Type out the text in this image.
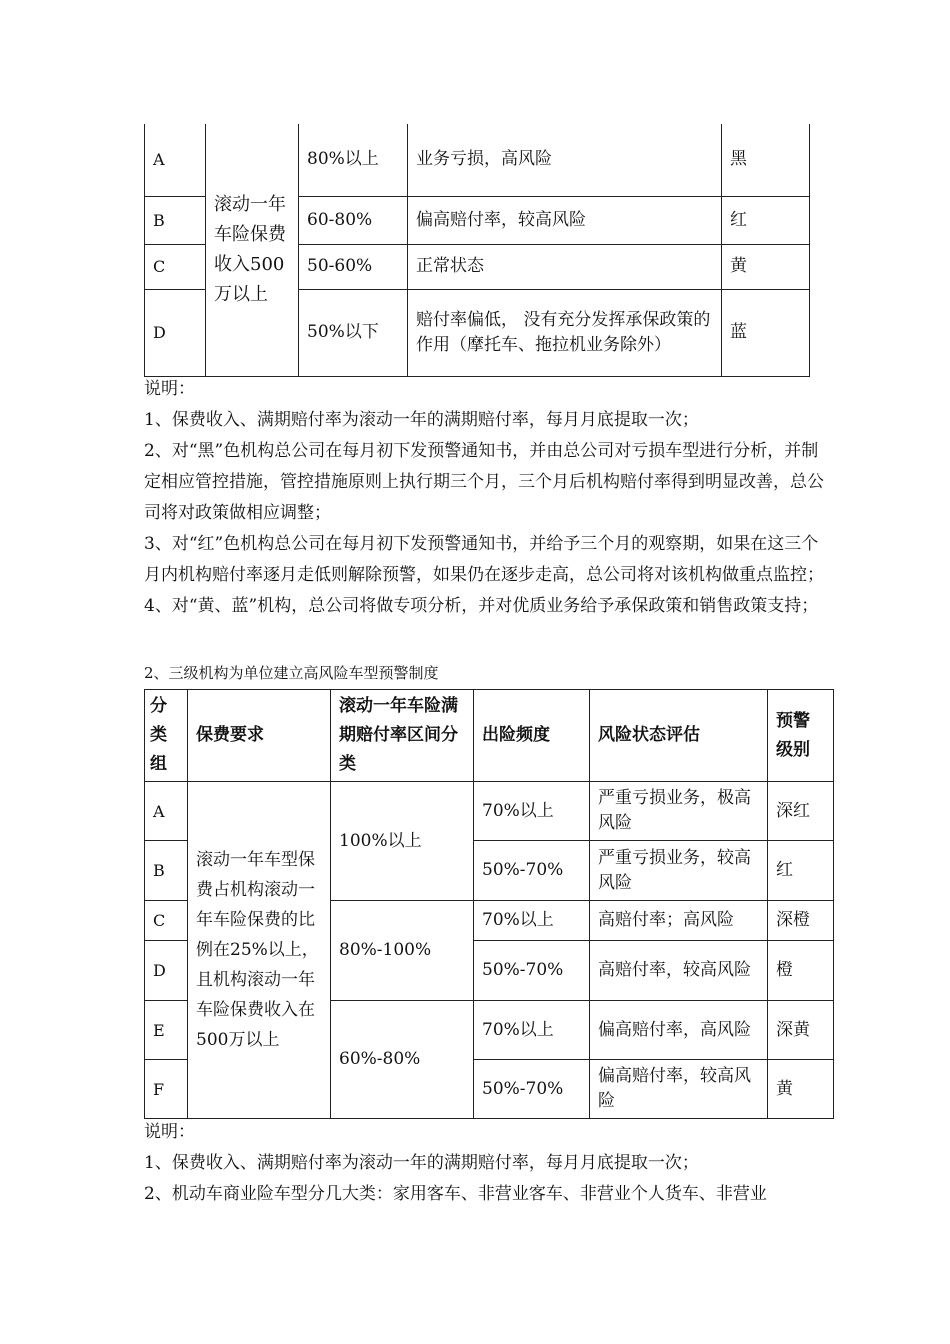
A	滚动一年车险保费收入500万以上	80%以上	业务亏损，高风险	黑
B		60-80%	偏高赔付率，较高风险	红
C		50-60%	正常状态	黄
D		50%以下	赔付率偏低， 没有充分发挥承保政策的作用（摩托车、拖拉机业务除外）	蓝
说明：
1、保费收入、满期赔付率为滚动一年的满期赔付率，每月月底提取一次；
2、对“黑”色机构总公司在每月初下发预警通知书，并由总公司对亏损车型进行分析，并制定相应管控措施，管控措施原则上执行期三个月，三个月后机构赔付率得到明显改善，总公司将对政策做相应调整；
3、对“红”色机构总公司在每月初下发预警通知书，并给予三个月的观察期，如果在这三个月内机构赔付率逐月走低则解除预警，如果仍在逐步走高，总公司将对该机构做重点监控；
4、对“黄、蓝”机构，总公司将做专项分析，并对优质业务给予承保政策和销售政策支持；
2、三级机构为单位建立高风险车型预警制度
分类组	保费要求	滚动一年车险满期赔付率区间分类	出险频度	风险状态评估	预警级别
A	滚动一年车型保费占机构滚动一年车险保费的比例在25%以上，且机构滚动一年车险保费收入在500万以上	100%以上	70%以上	严重亏损业务，极高风险	深红
B			50%-70%	严重亏损业务，较高风险	红
C		80%-100%	70%以上	高赔付率；高风险	深橙
D			50%-70%	高赔付率，较高风险	橙
E		60%-80%	70%以上	偏高赔付率，高风险	深黄
F			50%-70%	偏高赔付率，较高风险	黄
说明：
1、保费收入、满期赔付率为滚动一年的满期赔付率，每月月底提取一次；
2、机动车商业险车型分几大类：家用客车、非营业客车、非营业个人货车、非营业
